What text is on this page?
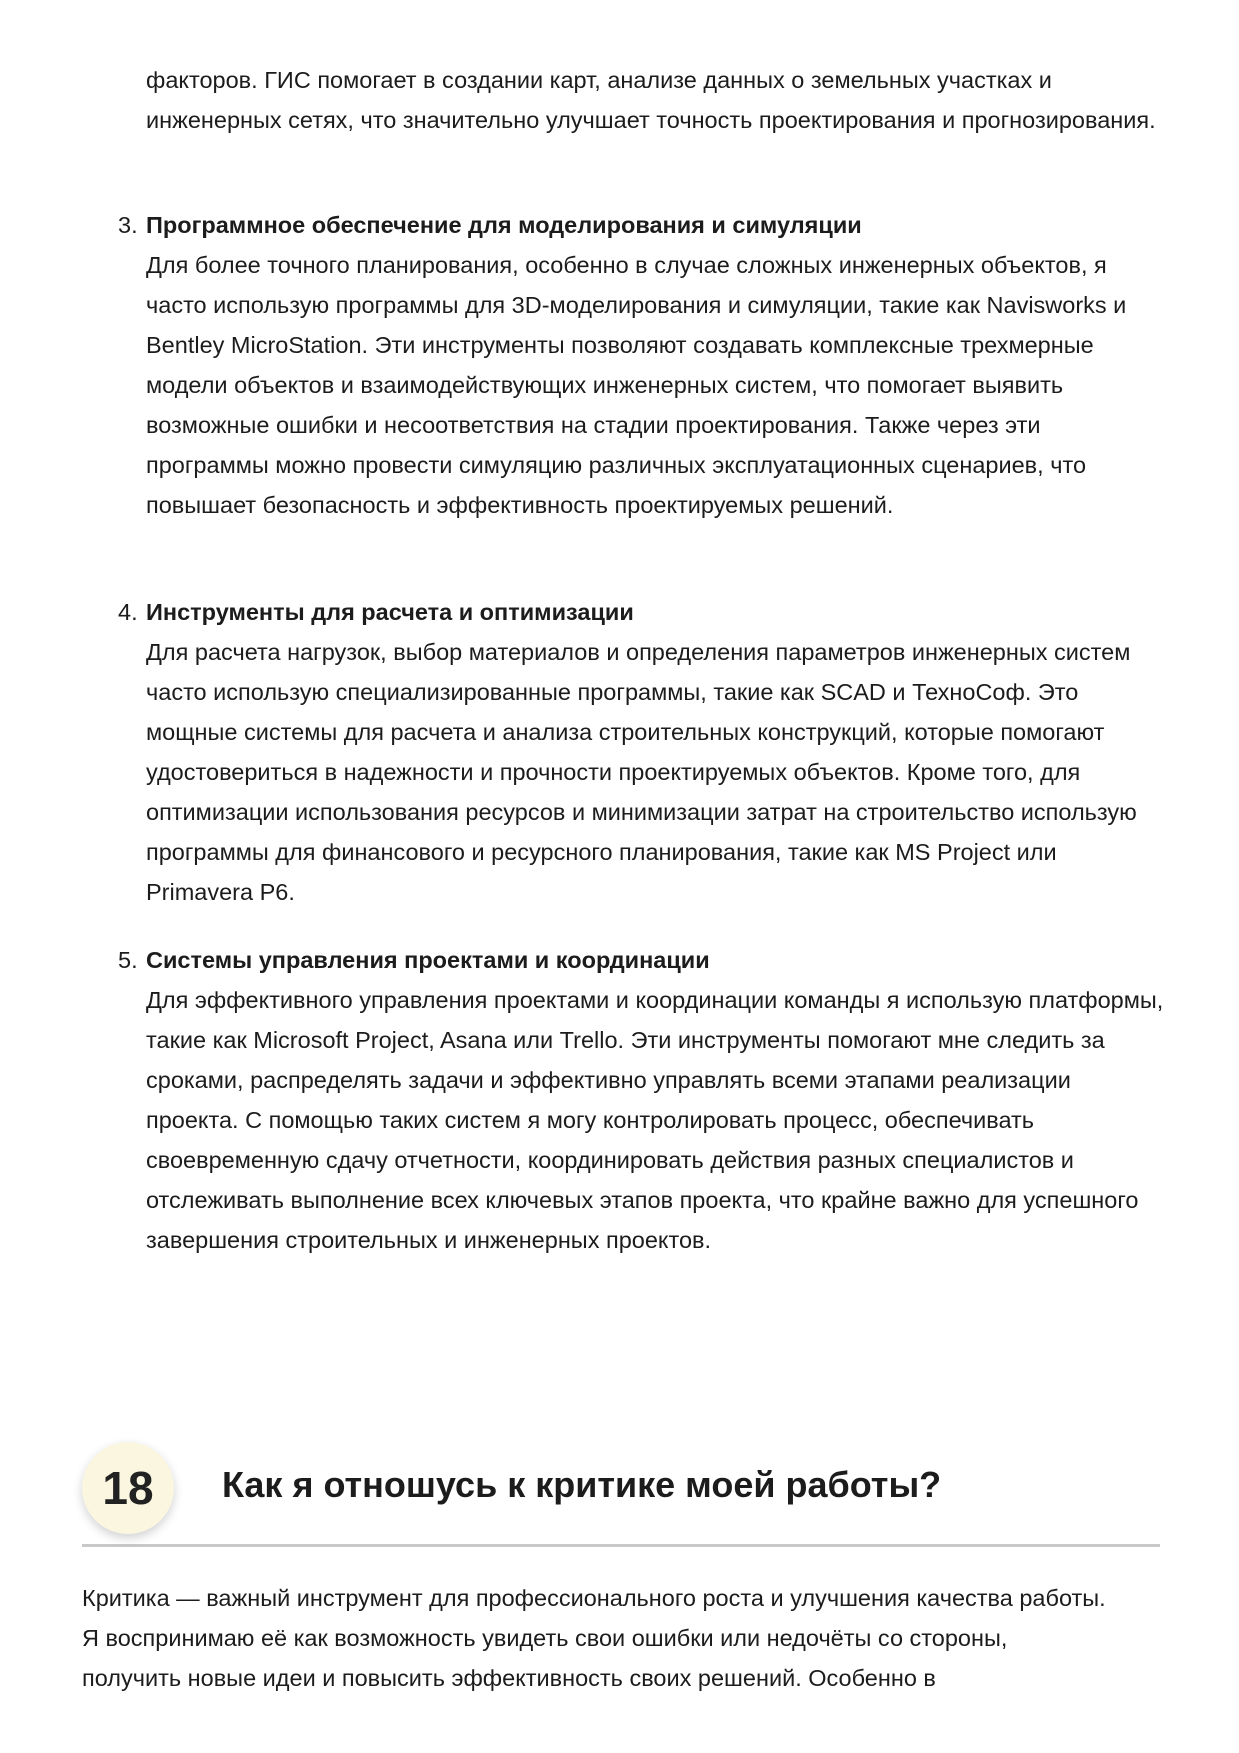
факторов. ГИС помогает в создании карт, анализе данных о земельных участках и инженерных сетях, что значительно улучшает точность проектирования и прогнозирования.

3. Программное обеспечение для моделирования и симуляции

Для более точного планирования, особенно в случае сложных инженерных объектов, я часто использую программы для 3D-моделирования и симуляции, такие как Navisworks и Bentley MicroStation. Эти инструменты позволяют создавать комплексные трехмерные модели объектов и взаимодействующих инженерных систем, что помогает выявить возможные ошибки и несоответствия на стадии проектирования. Также через эти программы можно провести симуляцию различных эксплуатационных сценариев, что повышает безопасность и эффективность проектируемых решений.

4. Инструменты для расчета и оптимизации

Для расчета нагрузок, выбор материалов и определения параметров инженерных систем часто использую специализированные программы, такие как SCAD и ТехноСоф. Это мощные системы для расчета и анализа строительных конструкций, которые помогают удостовериться в надежности и прочности проектируемых объектов. Кроме того, для оптимизации использования ресурсов и минимизации затрат на строительство использую программы для финансового и ресурсного планирования, такие как MS Project или Primavera P6.

5. Системы управления проектами и координации

Для эффективного управления проектами и координации команды я использую платформы, такие как Microsoft Project, Asana или Trello. Эти инструменты помогают мне следить за сроками, распределять задачи и эффективно управлять всеми этапами реализации проекта. С помощью таких систем я могу контролировать процесс, обеспечивать своевременную сдачу отчетности, координировать действия разных специалистов и отслеживать выполнение всех ключевых этапов проекта, что крайне важно для успешного завершения строительных и инженерных проектов.

18	Как я отношусь к критике моей работы?

Критика — важный инструмент для профессионального роста и улучшения качества работы. Я воспринимаю её как возможность увидеть свои ошибки или недочёты со стороны, получить новые идеи и повысить эффективность своих решений. Особенно в
